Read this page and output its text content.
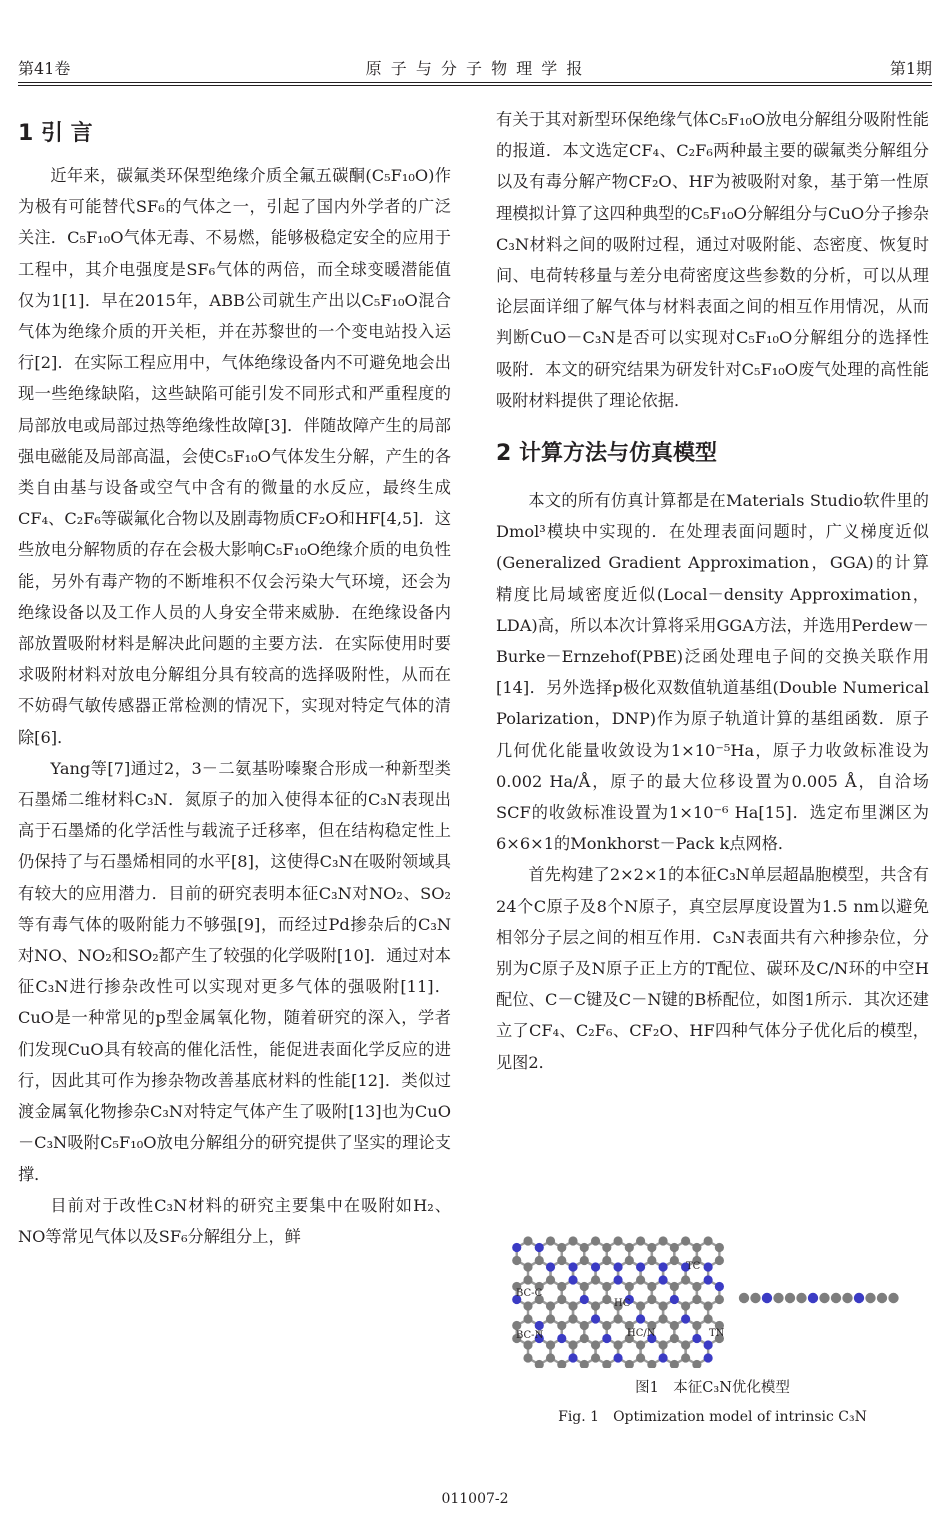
第41卷	原 子 与 分 子 物 理 学 报	第1期
1 引 言

近年来，碳氟类环保型绝缘介质全氟五碳酮(C₅F₁₀O)作为极有可能替代SF₆的气体之一，引起了国内外学者的广泛关注．C₅F₁₀O气体无毒、不易燃，能够极稳定安全的应用于工程中，其介电强度是SF₆气体的两倍，而全球变暖潜能值仅为1[1]．早在2015年，ABB公司就生产出以C₅F₁₀O混合气体为绝缘介质的开关柜，并在苏黎世的一个变电站投入运行[2]．在实际工程应用中，气体绝缘设备内不可避免地会出现一些绝缘缺陷，这些缺陷可能引发不同形式和严重程度的局部放电或局部过热等绝缘性故障[3]．伴随故障产生的局部强电磁能及局部高温，会使C₅F₁₀O气体发生分解，产生的各类自由基与设备或空气中含有的微量的水反应，最终生成CF₄、C₂F₆等碳氟化合物以及剧毒物质CF₂O和HF[4,5]．这些放电分解物质的存在会极大影响C₅F₁₀O绝缘介质的电负性能，另外有毒产物的不断堆积不仅会污染大气环境，还会为绝缘设备以及工作人员的人身安全带来威胁．在绝缘设备内部放置吸附材料是解决此问题的主要方法．在实际使用时要求吸附材料对放电分解组分具有较高的选择吸附性，从而在不妨碍气敏传感器正常检测的情况下，实现对特定气体的清除[6]．

Yang等[7]通过2，3－二氨基吩嗪聚合形成一种新型类石墨烯二维材料C₃N．氮原子的加入使得本征的C₃N表现出高于石墨烯的化学活性与载流子迁移率，但在结构稳定性上仍保持了与石墨烯相同的水平[8]，这使得C₃N在吸附领域具有较大的应用潜力．目前的研究表明本征C₃N对NO₂、SO₂等有毒气体的吸附能力不够强[9]，而经过Pd掺杂后的C₃N对NO、NO₂和SO₂都产生了较强的化学吸附[10]．通过对本征C₃N进行掺杂改性可以实现对更多气体的强吸附[11]．CuO是一种常见的p型金属氧化物，随着研究的深入，学者们发现CuO具有较高的催化活性，能促进表面化学反应的进行，因此其可作为掺杂物改善基底材料的性能[12]．类似过渡金属氧化物掺杂C₃N对特定气体产生了吸附[13]也为CuO－C₃N吸附C₅F₁₀O放电分解组分的研究提供了坚实的理论支撑．

目前对于改性C₃N材料的研究主要集中在吸附如H₂、NO等常见气体以及SF₆分解组分上，鲜

有关于其对新型环保绝缘气体C₅F₁₀O放电分解组分吸附性能的报道．本文选定CF₄、C₂F₆两种最主要的碳氟类分解组分以及有毒分解产物CF₂O、HF为被吸附对象，基于第一性原理模拟计算了这四种典型的C₅F₁₀O分解组分与CuO分子掺杂C₃N材料之间的吸附过程，通过对吸附能、态密度、恢复时间、电荷转移量与差分电荷密度这些参数的分析，可以从理论层面详细了解气体与材料表面之间的相互作用情况，从而判断CuO－C₃N是否可以实现对C₅F₁₀O分解组分的选择性吸附．本文的研究结果为研发针对C₅F₁₀O废气处理的高性能吸附材料提供了理论依据．

2 计算方法与仿真模型

本文的所有仿真计算都是在Materials Studio软件里的Dmol³模块中实现的．在处理表面问题时，广义梯度近似(Generalized Gradient Approximation，GGA)的计算精度比局域密度近似(Local－density Approximation，LDA)高，所以本次计算将采用GGA方法，并选用Perdew－Burke－Ernzehof(PBE)泛函处理电子间的交换关联作用[14]．另外选择p极化双数值轨道基组(Double Numerical Polarization，DNP)作为原子轨道计算的基组函数．原子几何优化能量收敛设为1×10⁻⁵Ha，原子力收敛标准设为0.002 Ha/Å，原子的最大位移设置为0.005 Å，自洽场SCF的收敛标准设置为1×10⁻⁶ Ha[15]．选定布里渊区为6×6×1的Monkhorst－Pack k点网格．

首先构建了2×2×1的本征C₃N单层超晶胞模型，共含有24个C原子及8个N原子，真空层厚度设置为1.5 nm以避免相邻分子层之间的相互作用．C₃N表面共有六种掺杂位，分别为C原子及N原子正上方的T配位、碳环及C/N环的中空H配位、C－C键及C－N键的B桥配位，如图1所示．其次还建立了CF₄、C₂F₆、CF₂O、HF四种气体分子优化后的模型，见图2．

TC
BC-C
HC
BC-N	HC/N	TN
图1　本征C₃N优化模型
Fig. 1　Optimization model of intrinsic C₃N
011007-2
